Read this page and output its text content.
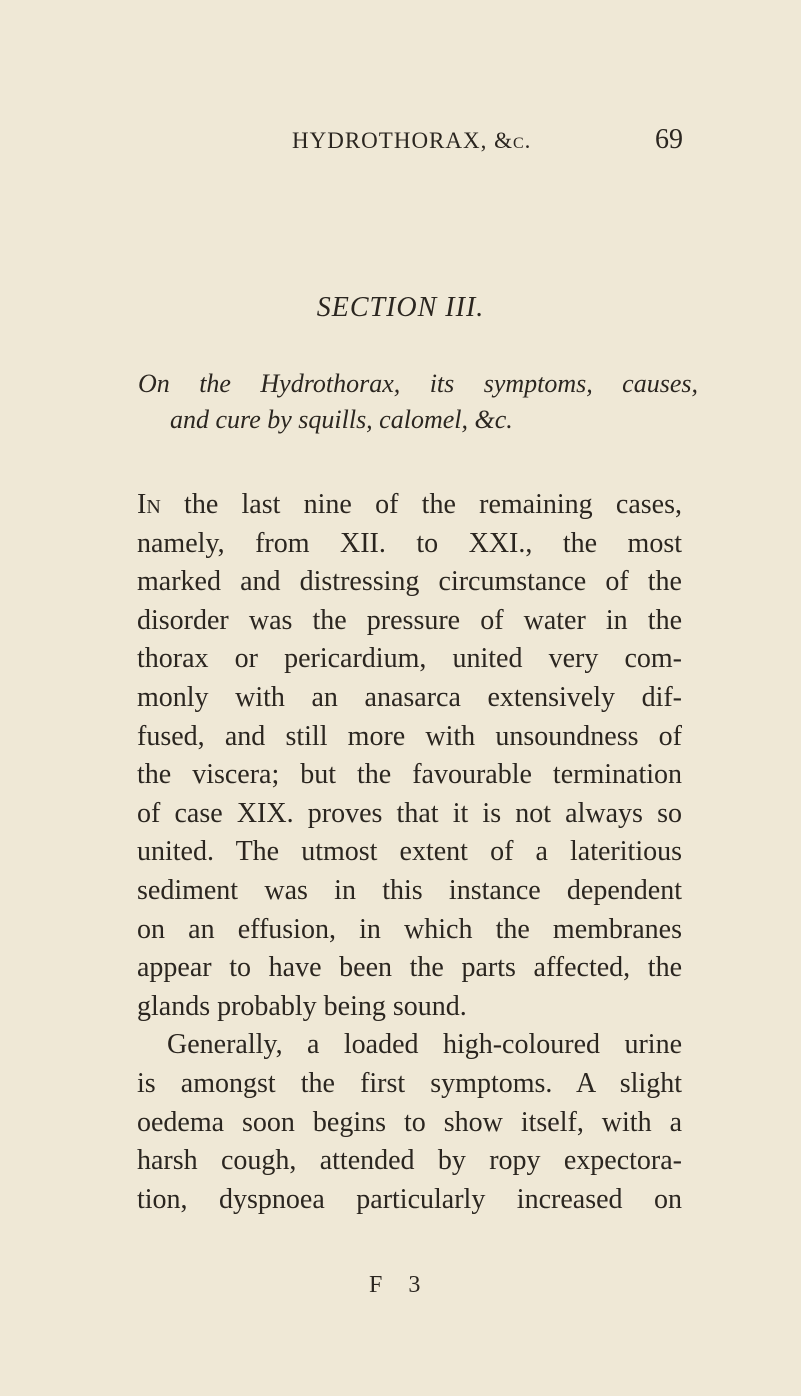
HYDROTHORAX, &c.	69
SECTION III.
On the Hydrothorax, its symptoms, causes,
and cure by squills, calomel, &c.
In the last nine of the remaining cases,
namely, from XII. to XXI., the most
marked and distressing circumstance of the
disorder was the pressure of water in the
thorax or pericardium, united very com-
monly with an anasarca extensively dif-
fused, and still more with unsoundness of
the viscera; but the favourable termination
of case XIX. proves that it is not always so
united. The utmost extent of a lateritious
sediment was in this instance dependent
on an effusion, in which the membranes
appear to have been the parts affected, the
glands probably being sound.
Generally, a loaded high-coloured urine
is amongst the first symptoms. A slight
oedema soon begins to show itself, with a
harsh cough, attended by ropy expectora-
tion, dyspnoea particularly increased on
F 3
